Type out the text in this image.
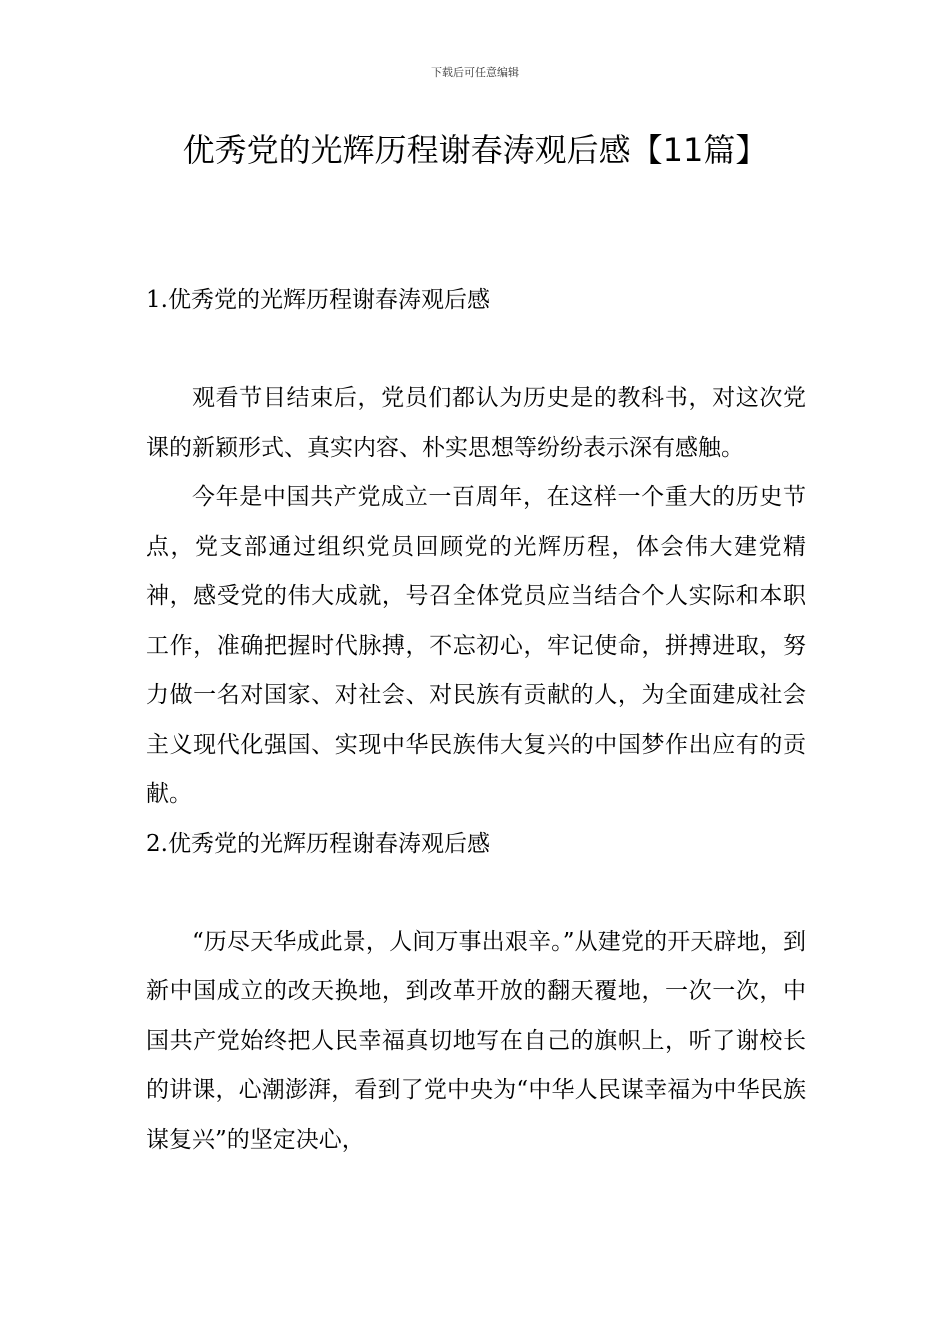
下载后可任意编辑
优秀党的光辉历程谢春涛观后感【11篇】

1.优秀党的光辉历程谢春涛观后感

观看节目结束后，党员们都认为历史是的教科书，对这次党课的新颖形式、真实内容、朴实思想等纷纷表示深有感触。

今年是中国共产党成立一百周年，在这样一个重大的历史节点，党支部通过组织党员回顾党的光辉历程，体会伟大建党精神，感受党的伟大成就，号召全体党员应当结合个人实际和本职工作，准确把握时代脉搏，不忘初心，牢记使命，拼搏进取，努力做一名对国家、对社会、对民族有贡献的人，为全面建成社会主义现代化强国、实现中华民族伟大复兴的中国梦作出应有的贡献。

2.优秀党的光辉历程谢春涛观后感

“历尽天华成此景，人间万事出艰辛。”从建党的开天辟地，到新中国成立的改天换地，到改革开放的翻天覆地，一次一次，中国共产党始终把人民幸福真切地写在自己的旗帜上，听了谢校长的讲课，心潮澎湃，看到了党中央为“中华人民谋幸福为中华民族谋复兴”的坚定决心，
